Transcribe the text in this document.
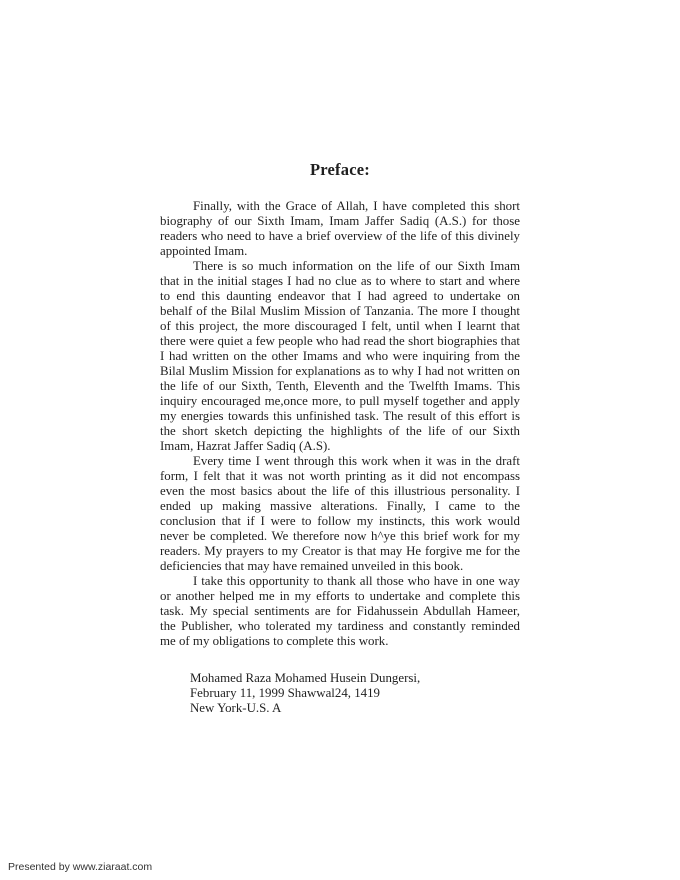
Preface:

Finally, with the Grace of Allah, I have completed this short biography of our Sixth Imam, Imam Jaffer Sadiq (A.S.) for those readers who need to have a brief overview of the life of this divinely appointed Imam.

There is so much information on the life of our Sixth Imam that in the initial stages I had no clue as to where to start and where to end this daunting endeavor that I had agreed to undertake on behalf of the Bilal Muslim Mission of Tanzania. The more I thought of this project, the more discouraged I felt, until when I learnt that there were quiet a few people who had read the short biographies that I had written on the other Imams and who were inquiring from the Bilal Muslim Mission for explanations as to why I had not written on the life of our Sixth, Tenth, Eleventh and the Twelfth Imams. This inquiry encouraged me,once more, to pull myself together and apply my energies towards this unfinished task. The result of this effort is the short sketch depicting the highlights of the life of our Sixth Imam, Hazrat Jaffer Sadiq (A.S).

Every time I went through this work when it was in the draft form, I felt that it was not worth printing as it did not encompass even the most basics about the life of this illustrious personality. I ended up making massive alterations. Finally, I came to the conclusion that if I were to follow my instincts, this work would never be completed. We therefore now h^ye this brief work for my readers. My prayers to my Creator is that may He forgive me for the deficiencies that may have remained unveiled in this book.

I take this opportunity to thank all those who have in one way or another helped me in my efforts to undertake and complete this task. My special sentiments are for Fidahussein Abdullah Hameer, the Publisher, who tolerated my tardiness and constantly reminded me of my obligations to complete this work.

Mohamed Raza Mohamed Husein Dungersi,
February 11, 1999 Shawwal24, 1419
New York-U.S. A
Presented by www.ziaraat.com
